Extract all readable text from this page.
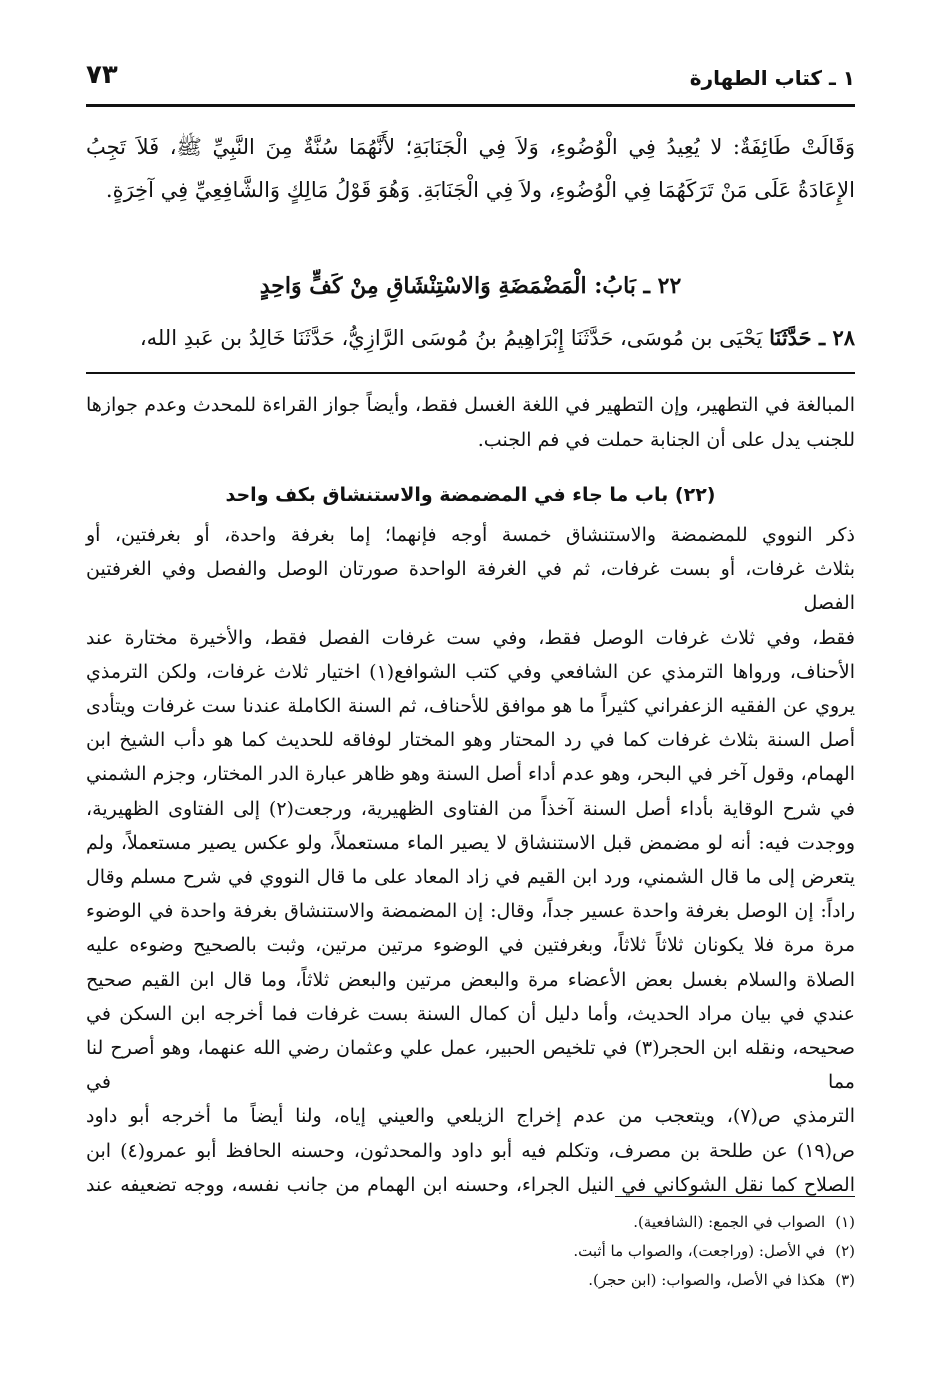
١ ـ كتاب الطهارة
٧٣

وَقَالَتْ طَائِفَةٌ: لا يُعِيدُ فِي الْوُضُوءِ، وَلاَ فِي الْجَنَابَةِ؛ لأَنَّهُمَا سُنَّةٌ مِنَ النَّبِيِّ ﷺ، فَلاَ تَجِبُ الإِعَادَةُ عَلَى مَنْ تَرَكَهُمَا فِي الْوُضُوءِ، ولاَ فِي الْجَنَابَةِ. وَهُوَ قَوْلُ مَالِكٍ وَالشَّافِعِيِّ فِي آخِرَةٍ.

٢٢ ـ بَابُ: الْمَضْمَضَةِ وَالاسْتِنْشَاقِ مِنْ كَفٍّ وَاحِدٍ
٢٨ ـ حَدَّثَنَا يَحْيَى بن مُوسَى، حَدَّثَنَا إِبْرَاهِيمُ بنُ مُوسَى الرَّازِيُّ، حَدَّثَنَا خَالِدُ بن عَبدِ الله،

المبالغة في التطهير، وإن التطهير في اللغة الغسل فقط، وأيضاً جواز القراءة للمحدث وعدم جوازها

للجنب يدل على أن الجنابة حملت في فم الجنب.

(٢٢) باب ما جاء في المضمضة والاستنشاق بكف واحد

ذكر النووي للمضمضة والاستنشاق خمسة أوجه فإنهما؛ إما بغرفة واحدة، أو بغرفتين، أو

بثلاث غرفات، أو بست غرفات، ثم في الغرفة الواحدة صورتان الوصل والفصل وفي الغرفتين الفصل

فقط، وفي ثلاث غرفات الوصل فقط، وفي ست غرفات الفصل فقط، والأخيرة مختارة عند

الأحناف، ورواها الترمذي عن الشافعي وفي كتب الشوافع(١) اختيار ثلاث غرفات، ولكن الترمذي

يروي عن الفقيه الزعفراني كثيراً ما هو موافق للأحناف، ثم السنة الكاملة عندنا ست غرفات ويتأدى

أصل السنة بثلاث غرفات كما في رد المحتار وهو المختار لوفاقه للحديث كما هو دأب الشيخ ابن

الهمام، وقول آخر في البحر، وهو عدم أداء أصل السنة وهو ظاهر عبارة الدر المختار، وجزم الشمني

في شرح الوقاية بأداء أصل السنة آخذاً من الفتاوى الظهيرية، ورجعت(٢) إلى الفتاوى الظهيرية،

ووجدت فيه: أنه لو مضمض قبل الاستنشاق لا يصير الماء مستعملاً، ولو عكس يصير مستعملاً، ولم

يتعرض إلى ما قال الشمني، ورد ابن القيم في زاد المعاد على ما قال النووي في شرح مسلم وقال

راداً: إن الوصل بغرفة واحدة عسير جداً، وقال: إن المضمضة والاستنشاق بغرفة واحدة في الوضوء

مرة مرة فلا يكونان ثلاثاً ثلاثاً، وبغرفتين في الوضوء مرتين مرتين، وثبت بالصحيح وضوءه عليه

الصلاة والسلام بغسل بعض الأعضاء مرة والبعض مرتين والبعض ثلاثاً، وما قال ابن القيم صحيح

عندي في بيان مراد الحديث، وأما دليل أن كمال السنة بست غرفات فما أخرجه ابن السكن في

صحيحه، ونقله ابن الحجر(٣) في تلخيص الحبير، عمل علي وعثمان رضي الله عنهما، وهو أصرح لنا مما في

الترمذي ص(٧)، ويتعجب من عدم إخراج الزيلعي والعيني إياه، ولنا أيضاً ما أخرجه أبو داود

ص(١٩) عن طلحة بن مصرف، وتكلم فيه أبو داود والمحدثون، وحسنه الحافظ أبو عمرو(٤) ابن

الصلاح كما نقل الشوكاني في النيل الجراء، وحسنه ابن الهمام من جانب نفسه، ووجه تضعيفه عند

(١)الصواب في الجمع: (الشافعية).
(٢)في الأصل: (وراجعت)، والصواب ما أثبت.
(٣)هكذا في الأصل، والصواب: (ابن حجر).
